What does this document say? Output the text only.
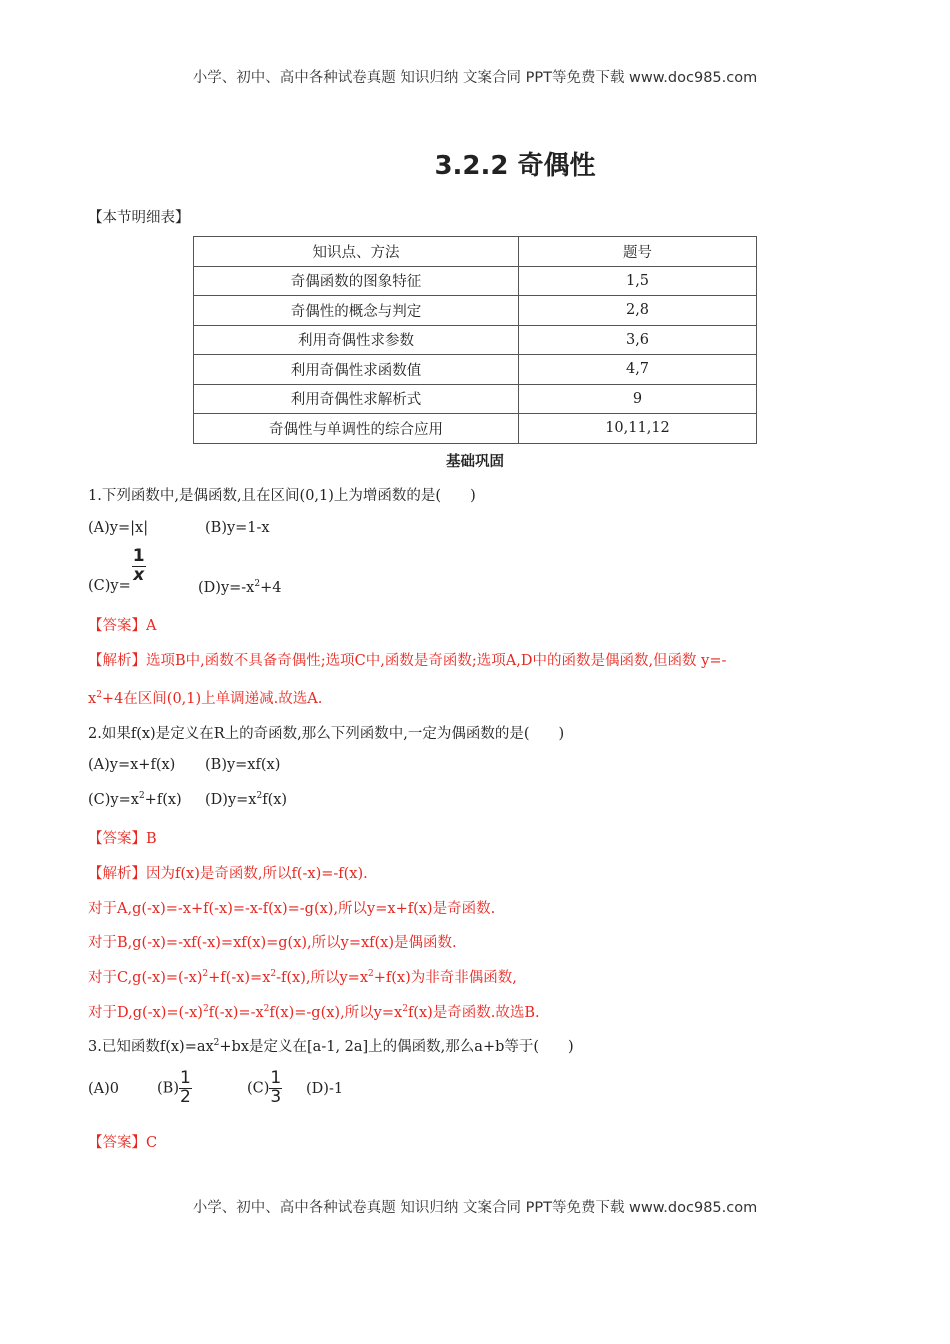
小学、初中、高中各种试卷真题 知识归纳 文案合同 PPT等免费下载 www.doc985.com
3.2.2 奇偶性
【本节明细表】
知识点、方法	题号
奇偶函数的图象特征	1,5
奇偶性的概念与判定	2,8
利用奇偶性求参数	3,6
利用奇偶性求函数值	4,7
利用奇偶性求解析式	9
奇偶性与单调性的综合应用	10,11,12
基础巩固
1.下列函数中,是偶函数,且在区间(0,1)上为增函数的是(　　)
(A)y=|x|	(B)y=1-x
(C)y=
$\frac{1}{x}$
$(D)y=-x^2+4$
【答案】A
【解析】选项B中,函数不具备奇偶性;选项C中,函数是奇函数;选项A,D中的函数是偶函数,但函数 y=-
$x^2+4$在区间(0,1)上单调递减.故选A.
2.如果f(x)是定义在R上的奇函数,那么下列函数中,一定为偶函数的是(　　)
(A)y=x+f(x) (B)y=xf(x)
$(C)y=x^2+f(x)$ $(D)y=x^2f(x)$
【答案】B
【解析】因为f(x)是奇函数,所以f(-x)=-f(x).
对于A,g(-x)=-x+f(-x)=-x-f(x)=-g(x),所以y=x+f(x)是奇函数.
对于B,g(-x)=-xf(-x)=xf(x)=g(x),所以y=xf(x)是偶函数.
对于$C,g(-x)=(-x)^2+f(-x)=x^2-f(x)$,所以$y=x^2+f(x)$为非奇非偶函数,
对于$D,g(-x)=(-x)^2f(-x)=-x^2f(x)=-g(x)$,所以$y=x^2f(x)$是奇函数.故选B.
3.已知函数$f(x)=ax^2+bx$是定义在[a-1, 2a]上的偶函数,那么a+b等于(　　)
(A)0	$(B) \frac{1}{2}$	$(C) \frac{1}{3} (D)-1$
【答案】C
小学、初中、高中各种试卷真题 知识归纳 文案合同 PPT等免费下载 www.doc985.com
